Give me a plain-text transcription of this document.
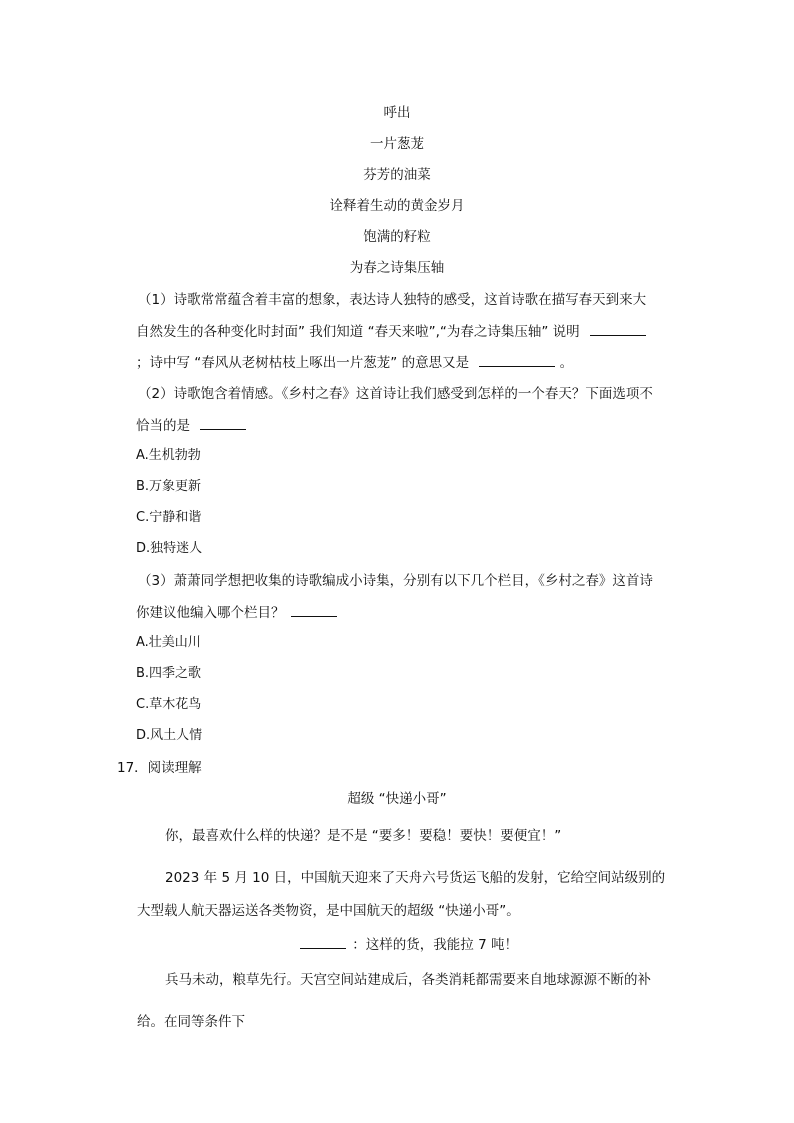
呼出
一片葱茏
芬芳的油菜
诠释着生动的黄金岁月
饱满的籽粒
为春之诗集压轴
（1）诗歌常常蕴含着丰富的想象，表达诗人独特的感受，这首诗歌在描写春天到来大
自然发生的各种变化时封面” 我们知道 “春天来啦”,“为春之诗集压轴” 说明
；诗中写 “春风从老树枯枝上啄出一片葱茏” 的意思又是	。
（2）诗歌饱含着情感。《乡村之春》这首诗让我们感受到怎样的一个春天？下面选项不
恰当的是
A.生机勃勃
B.万象更新
C.宁静和谐
D.独特迷人
（3）萧萧同学想把收集的诗歌编成小诗集，分别有以下几个栏目，《乡村之春》这首诗
你建议他编入哪个栏目？
A.壮美山川
B.四季之歌
C.草木花鸟
D.风土人情
17．阅读理解
超级 “快递小哥”
你，最喜欢什么样的快递？是不是 “要多！要稳！要快！要便宜！”
2023 年 5 月 10 日，中国航天迎来了天舟六号货运飞船的发射，它给空间站级别的
大型载人航天器运送各类物资，是中国航天的超级 “快递小哥”。
：这样的货，我能拉 7 吨！
兵马未动，粮草先行。天宫空间站建成后，各类消耗都需要来自地球源源不断的补
给。在同等条件下
